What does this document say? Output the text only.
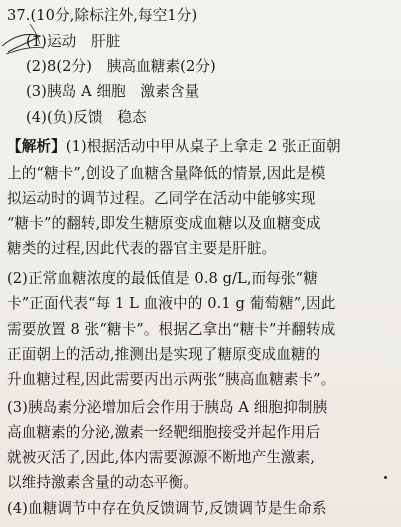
37.(10分,除标注外,每空1分)
(1)运动　肝脏
(2)8(2分)　胰高血糖素(2分)
(3)胰岛 A 细胞　激素含量
(4)(负)反馈　稳态
【解析】(1)根据活动中甲从桌子上拿走 2 张正面朝
上的“糖卡”,创设了血糖含量降低的情景,因此是模
拟运动时的调节过程。乙同学在活动中能够实现
“糖卡”的翻转,即发生糖原变成血糖以及血糖变成
糖类的过程,因此代表的器官主要是肝脏。
(2)正常血糖浓度的最低值是 0.8 g/L,而每张“糖
卡”正面代表“每 1 L 血液中的 0.1 g 葡萄糖”,因此
需要放置 8 张“糖卡”。根据乙拿出“糖卡”并翻转成
正面朝上的活动,推测出是实现了糖原变成血糖的
升血糖过程,因此需要丙出示两张“胰高血糖素卡”。
(3)胰岛素分泌增加后会作用于胰岛 A 细胞抑制胰
高血糖素的分泌,激素一经靶细胞接受并起作用后
就被灭活了,因此,体内需要源源不断地产生激素,
以维持激素含量的动态平衡。
(4)血糖调节中存在负反馈调节,反馈调节是生命系
